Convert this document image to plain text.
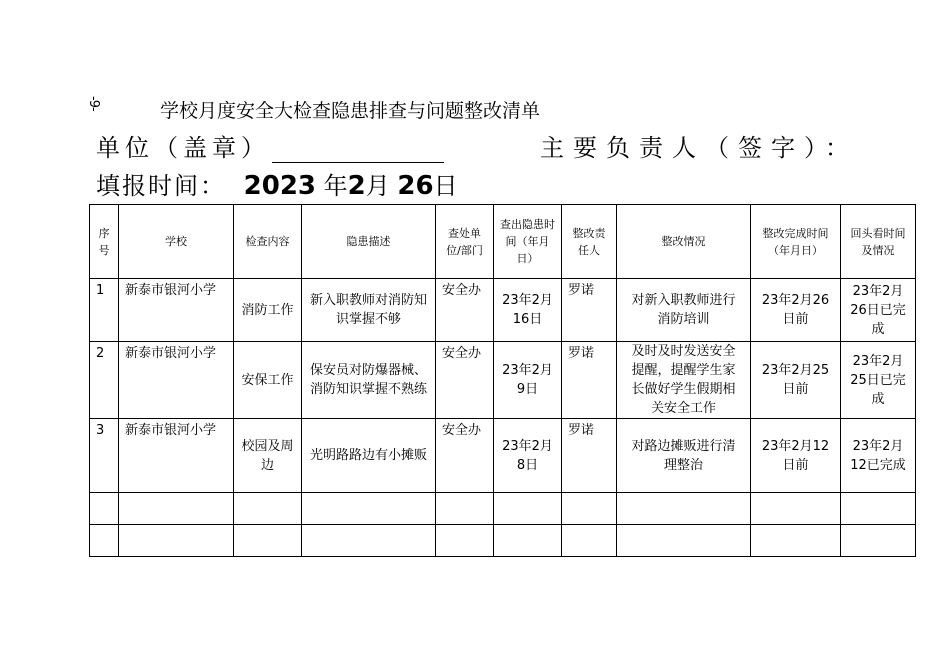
-9-	学校月度安全大检查隐患排查与问题整改清单
单位（盖章）	主要负责人（签字）：
填报时间： 2023 年2月 26日
序号	学校	检查内容	隐患描述	查处单位/部门	查出隐患时间（年月日）	整改责任人	整改情况	整改完成时间（年月日）	回头看时间及情况
1	新泰市银河小学	消防工作	新入职教师对消防知识掌握不够	安全办	23年2月16日	罗诺	对新入职教师进行消防培训	23年2月26日前	23年2月26日已完成
2	新泰市银河小学	安保工作	保安员对防爆器械、消防知识掌握不熟练	安全办	23年2月9日	罗诺	及时及时发送安全提醒，提醒学生家长做好学生假期相关安全工作	23年2月25日前	23年2月25日已完成
3	新泰市银河小学	校园及周边	光明路路边有小摊贩	安全办	23年2月8日	罗诺	对路边摊贩进行清理整治	23年2月12日前	23年2月12已完成
